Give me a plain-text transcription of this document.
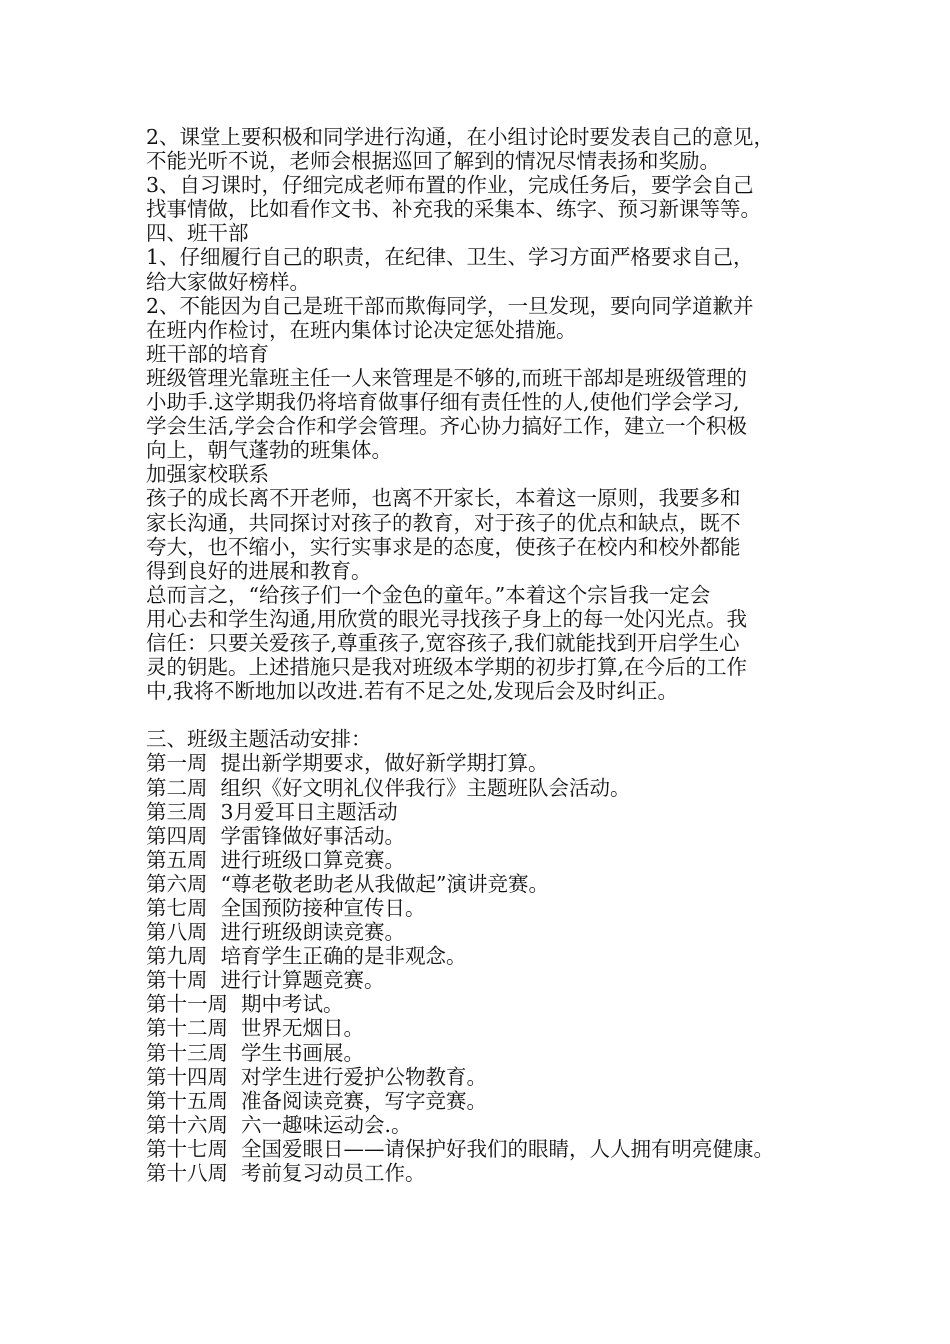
2、课堂上要积极和同学进行沟通，在小组讨论时要发表自己的意见，
不能光听不说，老师会根据巡回了解到的情况尽情表扬和奖励。
3、自习课时，仔细完成老师布置的作业，完成任务后，要学会自己
找事情做，比如看作文书、补充我的采集本、练字、预习新课等等。
四、班干部
1、仔细履行自己的职责，在纪律、卫生、学习方面严格要求自己，
给大家做好榜样。
2、不能因为自己是班干部而欺侮同学，一旦发现，要向同学道歉并
在班内作检讨，在班内集体讨论决定惩处措施。
班干部的培育
班级管理光靠班主任一人来管理是不够的,而班干部却是班级管理的
小助手.这学期我仍将培育做事仔细有责任性的人,使他们学会学习,
学会生活,学会合作和学会管理。齐心协力搞好工作，建立一个积极
向上，朝气蓬勃的班集体。
加强家校联系
孩子的成长离不开老师，也离不开家长，本着这一原则，我要多和
家长沟通，共同探讨对孩子的教育，对于孩子的优点和缺点，既不
夸大，也不缩小，实行实事求是的态度，使孩子在校内和校外都能
得到良好的进展和教育。
总而言之，“给孩子们一个金色的童年。”本着这个宗旨我一定会
用心去和学生沟通,用欣赏的眼光寻找孩子身上的每一处闪光点。我
信任：只要关爱孩子,尊重孩子,宽容孩子,我们就能找到开启学生心
灵的钥匙。上述措施只是我对班级本学期的初步打算,在今后的工作
中,我将不断地加以改进.若有不足之处,发现后会及时纠正。
三、班级主题活动安排：
第一周  提出新学期要求，做好新学期打算。
第二周  组织《好文明礼仪伴我行》主题班队会活动。
第三周  3月爱耳日主题活动
第四周  学雷锋做好事活动。
第五周  进行班级口算竞赛。
第六周  “尊老敬老助老从我做起”演讲竞赛。
第七周  全国预防接种宣传日。
第八周  进行班级朗读竞赛。
第九周  培育学生正确的是非观念。
第十周  进行计算题竞赛。
第十一周  期中考试。
第十二周  世界无烟日。
第十三周  学生书画展。
第十四周  对学生进行爱护公物教育。
第十五周  准备阅读竞赛，写字竞赛。
第十六周  六一趣味运动会.。
第十七周  全国爱眼日——请保护好我们的眼睛，人人拥有明亮健康。
第十八周  考前复习动员工作。
